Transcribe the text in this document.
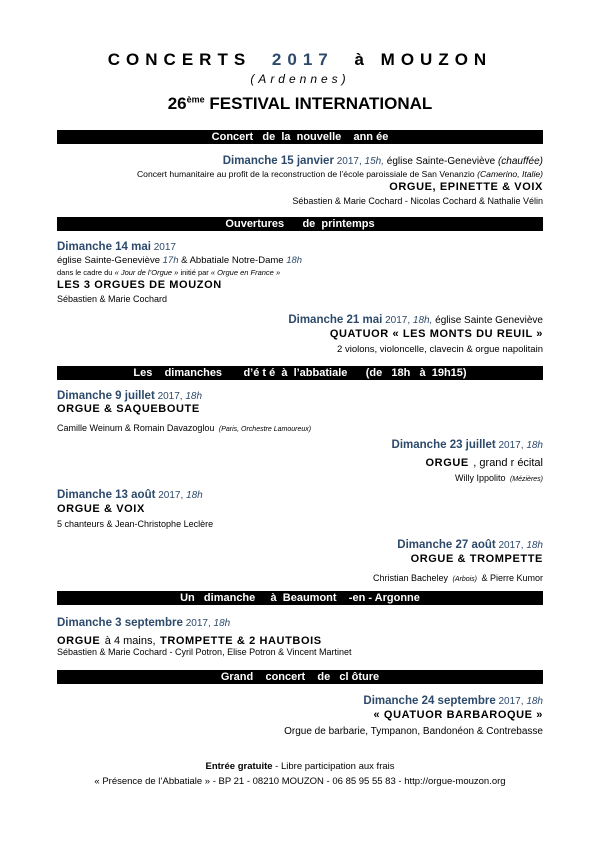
CONCERTS 2017 à MOUZON
(Ardennes)
26ème FESTIVAL INTERNATIONAL
Concert   de  la  nouvelle    ann ée
Dimanche 15 janvier 2017, 15h, église Sainte-Geneviève (chauffée)
Concert humanitaire au profit de la reconstruction de l’école paroissiale de San Venanzio (Camerino, Italie)
ORGUE, EPINETTE & VOIX
Sébastien & Marie Cochard - Nicolas Cochard & Nathalie Vélin
Ouvertures      de  printemps
Dimanche 14 mai 2017
église Sainte-Geneviève 17h & Abbatiale Notre-Dame 18h
dans le cadre du « Jour de l’Orgue » initié par « Orgue en France »
LES 3 ORGUES DE MOUZON
Sébastien & Marie Cochard
Dimanche 21 mai 2017, 18h, église Sainte Geneviève
QUATUOR « LES MONTS DU REUIL »
2 violons, violoncelle, clavecin & orgue napolitain
Les    dimanches       d’é t é  à  l’abbatiale      (de   18h   à  19h15)
Dimanche 9 juillet 2017, 18h
ORGUE & SAQUEBOUTE
Camille Weinum & Romain Davazoglou (Paris, Orchestre Lamoureux)
Dimanche 23 juillet 2017, 18h
ORGUE , grand r écital
Willy Ippolito (Mézières)
Dimanche 13 août 2017, 18h
ORGUE & VOIX
5 chanteurs & Jean-Christophe Leclère
Dimanche 27 août 2017, 18h
ORGUE & TROMPETTE
Christian Bacheley (Arbois) & Pierre Kumor
Un   dimanche     à  Beaumont    -en - Argonne
Dimanche 3 septembre 2017, 18h
ORGUE à 4 mains, TROMPETTE & 2 HAUTBOIS
Sébastien & Marie Cochard - Cyril Potron, Elise Potron & Vincent Martinet
Grand    concert    de   cl ôture
Dimanche 24 septembre 2017, 18h
« QUATUOR BARBAROQUE »
Orgue de barbarie, Tympanon, Bandonéon & Contrebasse
Entrée gratuite - Libre participation aux frais
« Présence de l’Abbatiale » - BP 21 - 08210 MOUZON - 06 85 95 55 83 - http://orgue-mouzon.org
